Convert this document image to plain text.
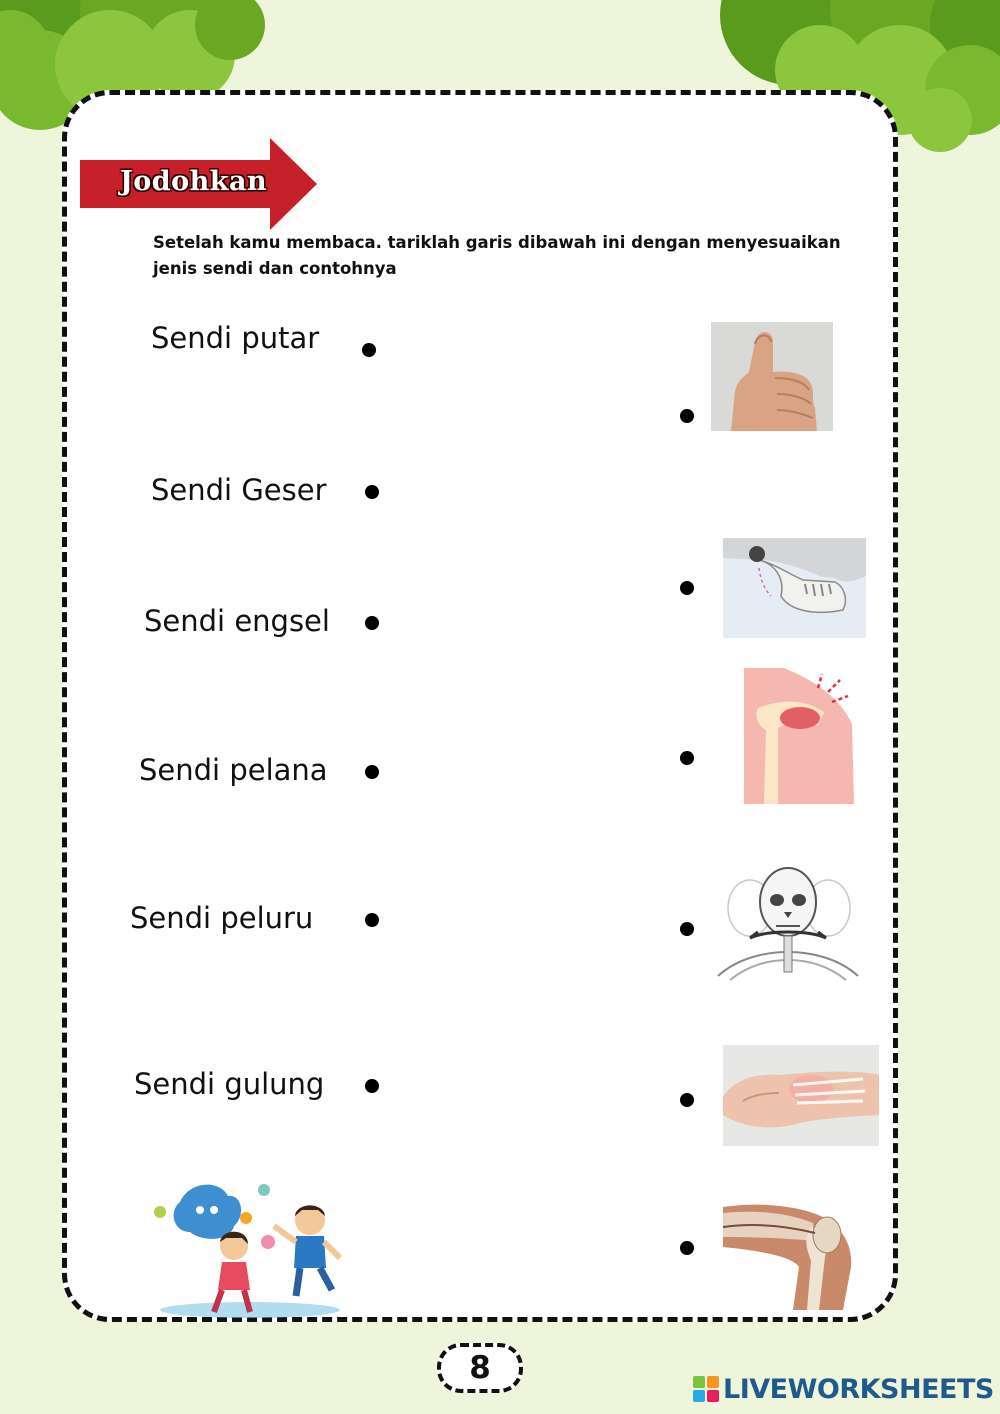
Jodohkan
Setelah kamu membaca. tariklah garis dibawah ini dengan menyesuaikan
jenis sendi dan contohnya
Sendi putar
Sendi Geser
Sendi engsel
Sendi pelana
Sendi peluru
Sendi gulung
8
LIVEWORKSHEETS
